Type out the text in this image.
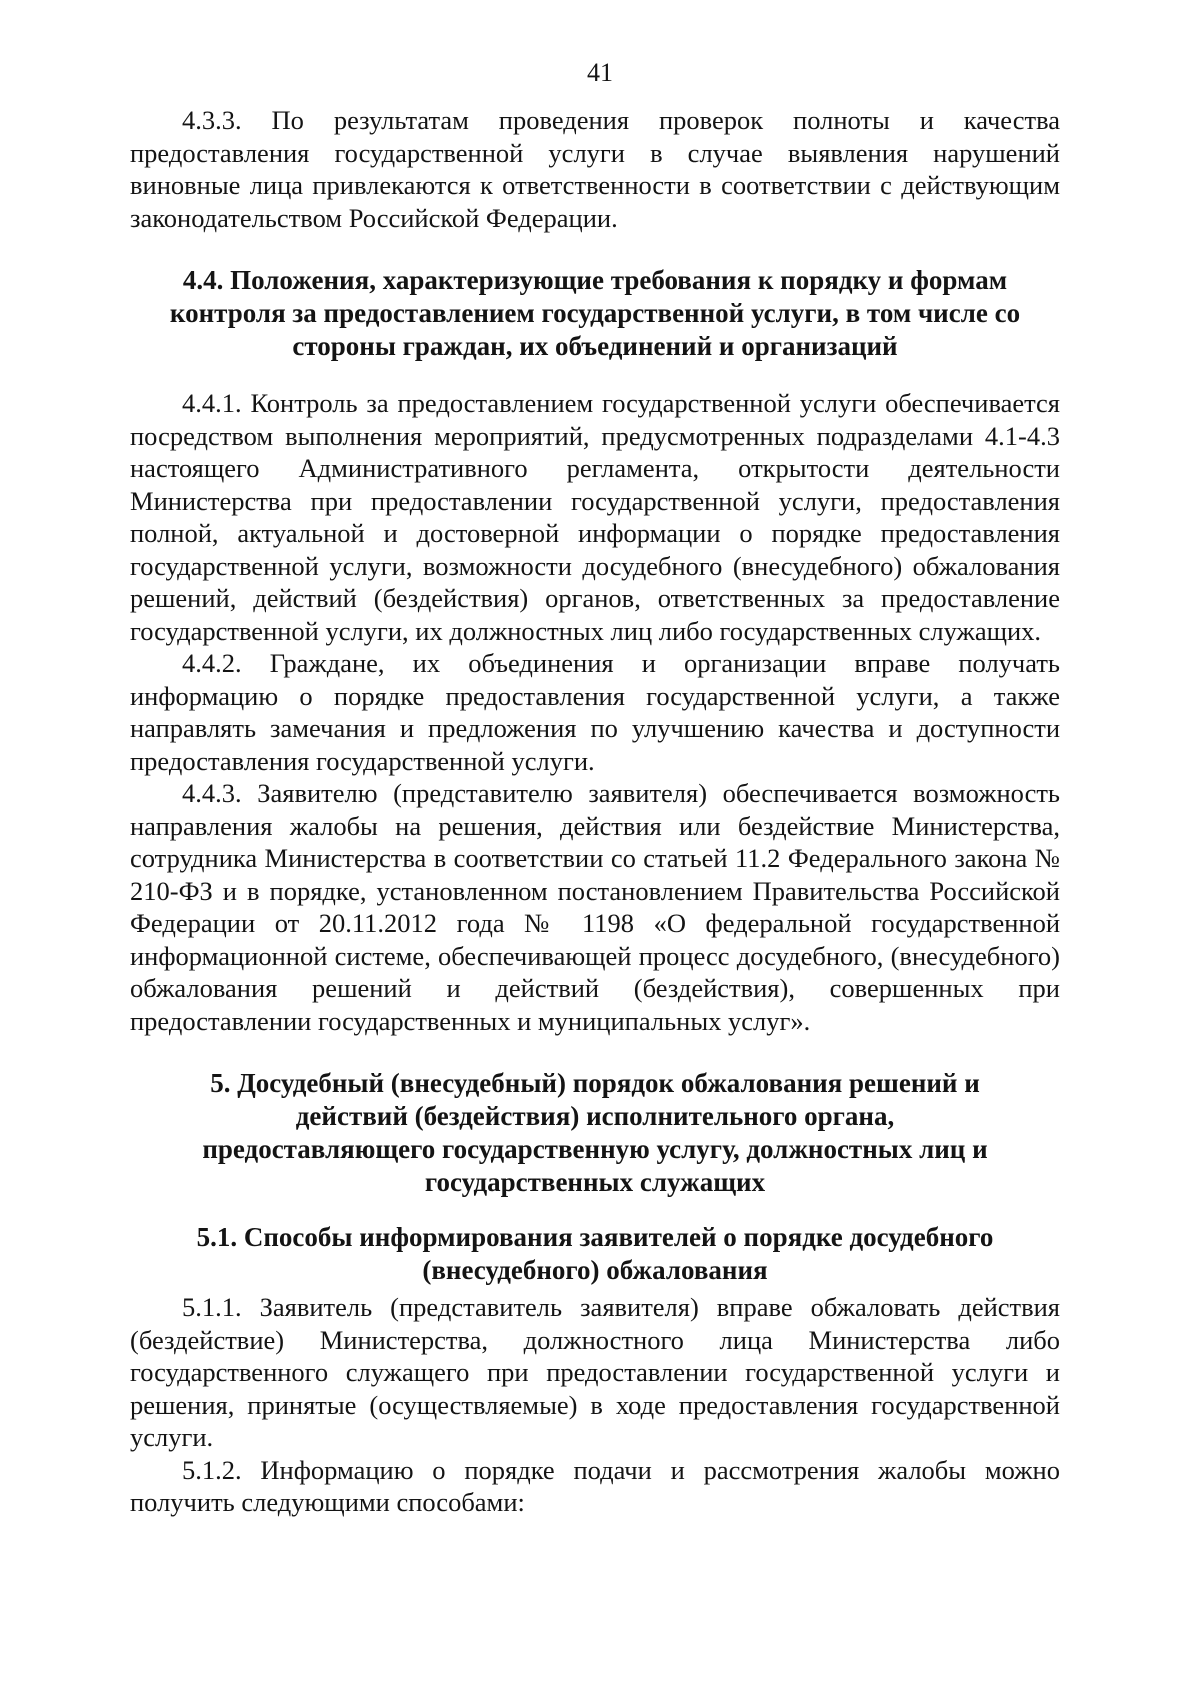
41

4.3.3. По результатам проведения проверок полноты и качества предоставления государственной услуги в случае выявления нарушений виновные лица привлекаются к ответственности в соответствии с действующим законодательством Российской Федерации.

4.4. Положения, характеризующие требования к порядку и формам контроля за предоставлением государственной услуги, в том числе со стороны граждан, их объединений и организаций

4.4.1. Контроль за предоставлением государственной услуги обеспечивается посредством выполнения мероприятий, предусмотренных подразделами 4.1-4.3 настоящего Административного регламента, открытости деятельности Министерства при предоставлении государственной услуги, предоставления полной, актуальной и достоверной информации о порядке предоставления государственной услуги, возможности досудебного (внесудебного) обжалования решений, действий (бездействия) органов, ответственных за предоставление государственной услуги, их должностных лиц либо государственных служащих.

4.4.2. Граждане, их объединения и организации вправе получать информацию о порядке предоставления государственной услуги, а также направлять замечания и предложения по улучшению качества и доступности предоставления государственной услуги.

4.4.3. Заявителю (представителю заявителя) обеспечивается возможность направления жалобы на решения, действия или бездействие Министерства, сотрудника Министерства в соответствии со статьей 11.2 Федерального закона № 210-ФЗ и в порядке, установленном постановлением Правительства Российской Федерации от 20.11.2012 года № 1198 «О федеральной государственной информационной системе, обеспечивающей процесс досудебного, (внесудебного) обжалования решений и действий (бездействия), совершенных при предоставлении государственных и муниципальных услуг».

5. Досудебный (внесудебный) порядок обжалования решений и действий (бездействия) исполнительного органа, предоставляющего государственную услугу, должностных лиц и государственных служащих

5.1. Способы информирования заявителей о порядке досудебного (внесудебного) обжалования

5.1.1. Заявитель (представитель заявителя) вправе обжаловать действия (бездействие) Министерства, должностного лица Министерства либо государственного служащего при предоставлении государственной услуги и решения, принятые (осуществляемые) в ходе предоставления государственной услуги.

5.1.2. Информацию о порядке подачи и рассмотрения жалобы можно получить следующими способами:
